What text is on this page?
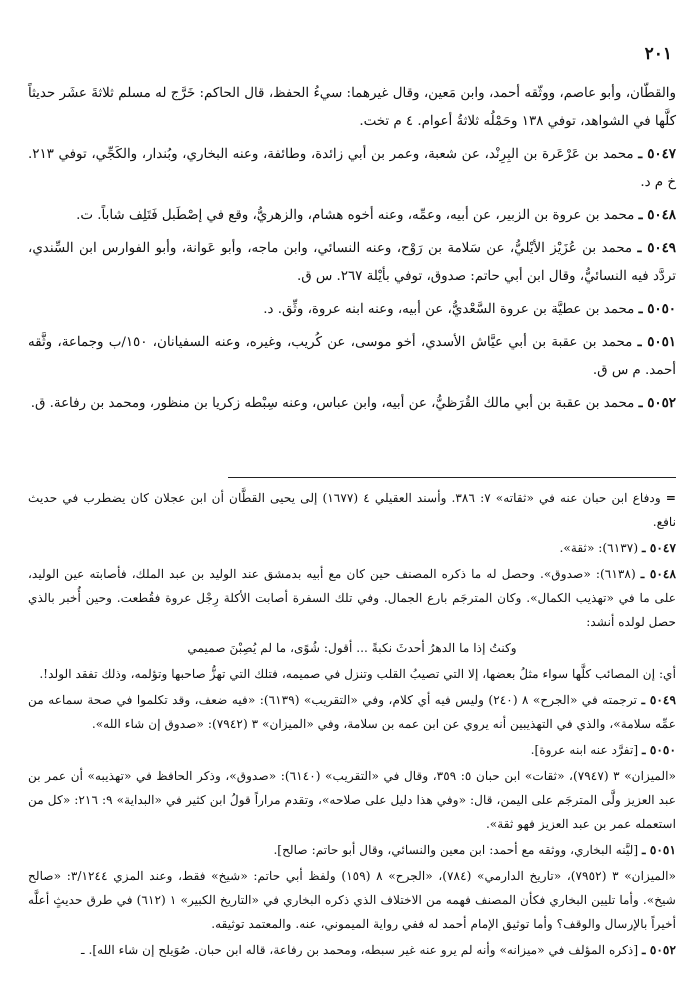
٢٠١

والقطّان، وأبو عاصم، ووثّقه أحمد، وابن مَعين، وقال غيرهما: سيءُ الحفظ، قال الحاكم: خَرَّج له مسلم ثلاثةَ عشَر حديثاً كلَّها في الشواهد، توفي ١٣٨ وحَمْلُه ثلاثةُ أعوام. ٤ م تخت.

٥٠٤٧ ـ محمد بن عَرْعَرة بن البِرِنْد، عن شعبة، وعمر بن أبي زائدة، وطائفة، وعنه البخاري، وبُندار، والكَجِّي، توفي ٢١٣. خ م د.

٥٠٤٨ ـ محمد بن عروة بن الزبير، عن أبيه، وعمِّه، وعنه أخوه هشام، والزهريُّ، وقع في إصْطَبل فَتَلِف شاباً. ت.

٥٠٤٩ ـ محمد بن عُزَيْز الأيْليُّ، عن سَلامة بن رَوْح، وعنه النسائي، وابن ماجه، وأبو عَوانة، وأبو الفوارس ابن السِّندي، تردَّد فيه النسائيُّ، وقال ابن أبي حاتم: صدوق، توفي بأيْلة ٢٦٧. س ق.

٥٠٥٠ ـ محمد بن عطيَّة بن عروة السَّعْديُّ، عن أبيه، وعنه ابنه عروة، وثِّق. د.

٥٠٥١ ـ محمد بن عقبة بن أبي عيَّاش الأسدي، أخو موسى، عن كُريب، وغيره، وعنه السفيانان، ١٥٠/ب وجماعة، وثَّقه أحمد. م س ق.

٥٠٥٢ ـ محمد بن عقبة بن أبي مالك القُرَظيُّ، عن أبيه، وابن عباس، وعنه سِبْطه زكريا بن منظور، ومحمد بن رفاعة. ق.

= ودفاع ابن حبان عنه في «ثقاته» ٧: ٣٨٦. وأسند العقيلي ٤ (١٦٧٧) إلى يحيى القطَّان أن ابن عجلان كان يضطرب في حديث نافع.

٥٠٤٧ ـ (٦١٣٧): «ثقة».

٥٠٤٨ ـ (٦١٣٨): «صدوق». وحصل له ما ذكره المصنف حين كان مع أبيه بدمشق عند الوليد بن عبد الملك، فأصابته عين الوليد، على ما في «تهذيب الكمال». وكان المترجَم بارع الجمال. وفي تلك السفرة أصابت الأكلة رِجْل عروة فقُطعت. وحين أُخبر بالذي حصل لولده أنشد:

وكنتُ إذا ما الدهرُ أحدثَ نكبةً ... أقول: شُوًى، ما لم يُصِبْنَ صميمي

أي: إن المصائب كلَّها سواء مثلُ بعضها، إلا التي تصيبُ القلب وتنزل في صميمه، فتلك التي تهزُّ صاحبها وتؤلمه، وذلك تفقد الولد!.

٥٠٤٩ ـ ترجمته في «الجرح» ٨ (٢٤٠) وليس فيه أي كلام، وفي «التقريب» (٦١٣٩): «فيه ضعف، وقد تكلموا في صحة سماعه من عمِّه سلامة»، والذي في التهذيبين أنه يروي عن ابن عمه بن سلامة، وفي «الميزان» ٣ (٧٩٤٢): «صدوق إن شاء الله».

٥٠٥٠ ـ [تفرَّد عنه ابنه عروة].

«الميزان» ٣ (٧٩٤٧)، «ثقات» ابن حبان ٥: ٣٥٩، وقال في «التقريب» (٦١٤٠): «صدوق»، وذكر الحافظ في «تهذيبه» أن عمر بن عبد العزيز ولَّى المترجَم على اليمن، قال: «وفي هذا دليل على صلاحه»، وتقدم مراراً قولُ ابن كثير في «البداية» ٩: ٢١٦: «كل من استعمله عمر بن عبد العزيز فهو ثقة».

٥٠٥١ ـ [ليَّنه البخاري، ووثقه مع أحمد: ابن معين والنسائي، وقال أبو حاتم: صالح].

«الميزان» ٣ (٧٩٥٢)، «تاريخ الدارمي» (٧٨٤)، «الجرح» ٨ (١٥٩) ولفظ أبي حاتم: «شيخ» فقط، وعند المزي ٣/١٢٤٤: «صالح شيخ». وأما تليين البخاري فكأن المصنف فهمه من الاختلاف الذي ذكره البخاري في «التاريخ الكبير» ١ (٦١٢) في طرق حديثٍ أعلَّه أخيراً بالإرسال والوقف؟ وأما توثيق الإمام أحمد له ففي رواية الميموني، عنه. والمعتمد توثيقه.

٥٠٥٢ ـ [ذكره المؤلف في «ميزانه» وأنه لم يرو عنه غير سبطه، ومحمد بن رفاعة، قاله ابن حبان. صُوَيلح إن شاء الله]. ـ
